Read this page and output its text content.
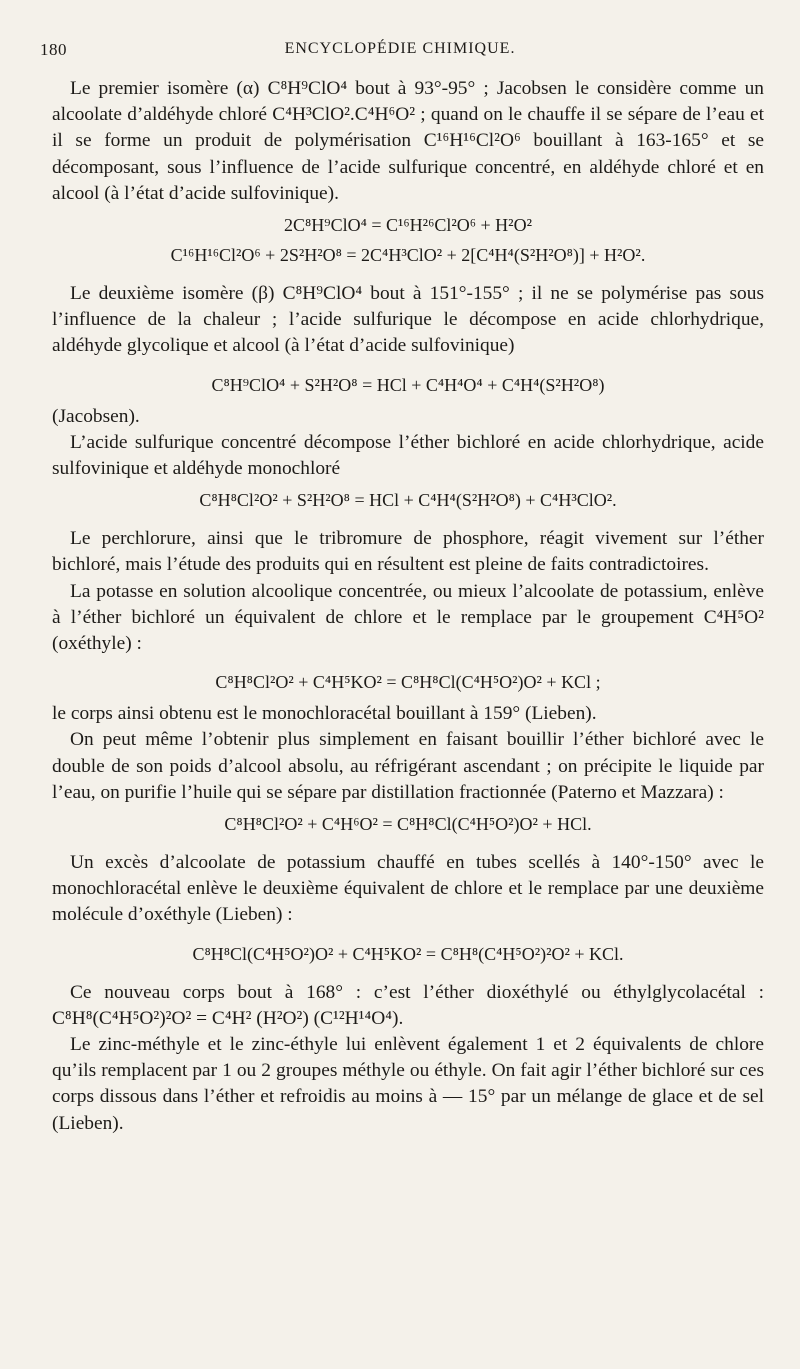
180	ENCYCLOPÉDIE CHIMIQUE.

Le premier isomère (α) C⁸H⁹ClO⁴ bout à 93°-95° ; Jacobsen le considère comme un alcoolate d’aldéhyde chloré C⁴H³ClO².C⁴H⁶O² ; quand on le chauffe il se sépare de l’eau et il se forme un produit de polymérisation C¹⁶H¹⁶Cl²O⁶ bouillant à 163-165° et se décomposant, sous l’influence de l’acide sulfurique concentré, en aldéhyde chloré et en alcool (à l’état d’acide sulfovinique).

2C⁸H⁹ClO⁴ = C¹⁶H²⁶Cl²O⁶ + H²O²
C¹⁶H¹⁶Cl²O⁶ + 2S²H²O⁸ = 2C⁴H³ClO² + 2[C⁴H⁴(S²H²O⁸)] + H²O².

Le deuxième isomère (β) C⁸H⁹ClO⁴ bout à 151°-155° ; il ne se polymérise pas sous l’influence de la chaleur ; l’acide sulfurique le décompose en acide chlorhydrique, aldéhyde glycolique et alcool (à l’état d’acide sulfovinique)

C⁸H⁹ClO⁴ + S²H²O⁸ = HCl + C⁴H⁴O⁴ + C⁴H⁴(S²H²O⁸)

(Jacobsen).

L’acide sulfurique concentré décompose l’éther bichloré en acide chlorhydrique, acide sulfovinique et aldéhyde monochloré

C⁸H⁸Cl²O² + S²H²O⁸ = HCl + C⁴H⁴(S²H²O⁸) + C⁴H³ClO².

Le perchlorure, ainsi que le tribromure de phosphore, réagit vivement sur l’éther bichloré, mais l’étude des produits qui en résultent est pleine de faits contradictoires.

La potasse en solution alcoolique concentrée, ou mieux l’alcoolate de potassium, enlève à l’éther bichloré un équivalent de chlore et le remplace par le groupement C⁴H⁵O² (oxéthyle) :

C⁸H⁸Cl²O² + C⁴H⁵KO² = C⁸H⁸Cl(C⁴H⁵O²)O² + KCl ;

le corps ainsi obtenu est le monochloracétal bouillant à 159° (Lieben).

On peut même l’obtenir plus simplement en faisant bouillir l’éther bichloré avec le double de son poids d’alcool absolu, au réfrigérant ascendant ; on précipite le liquide par l’eau, on purifie l’huile qui se sépare par distillation fractionnée (Paterno et Mazzara) :

C⁸H⁸Cl²O² + C⁴H⁶O² = C⁸H⁸Cl(C⁴H⁵O²)O² + HCl.

Un excès d’alcoolate de potassium chauffé en tubes scellés à 140°-150° avec le monochloracétal enlève le deuxième équivalent de chlore et le remplace par une deuxième molécule d’oxéthyle (Lieben) :

C⁸H⁸Cl(C⁴H⁵O²)O² + C⁴H⁵KO² = C⁸H⁸(C⁴H⁵O²)²O² + KCl.

Ce nouveau corps bout à 168° : c’est l’éther dioxéthylé ou éthylglycolacétal : C⁸H⁸(C⁴H⁵O²)²O² = C⁴H² (H²O²) (C¹²H¹⁴O⁴).

Le zinc-méthyle et le zinc-éthyle lui enlèvent également 1 et 2 équivalents de chlore qu’ils remplacent par 1 ou 2 groupes méthyle ou éthyle. On fait agir l’éther bichloré sur ces corps dissous dans l’éther et refroidis au moins à — 15° par un mélange de glace et de sel (Lieben).
